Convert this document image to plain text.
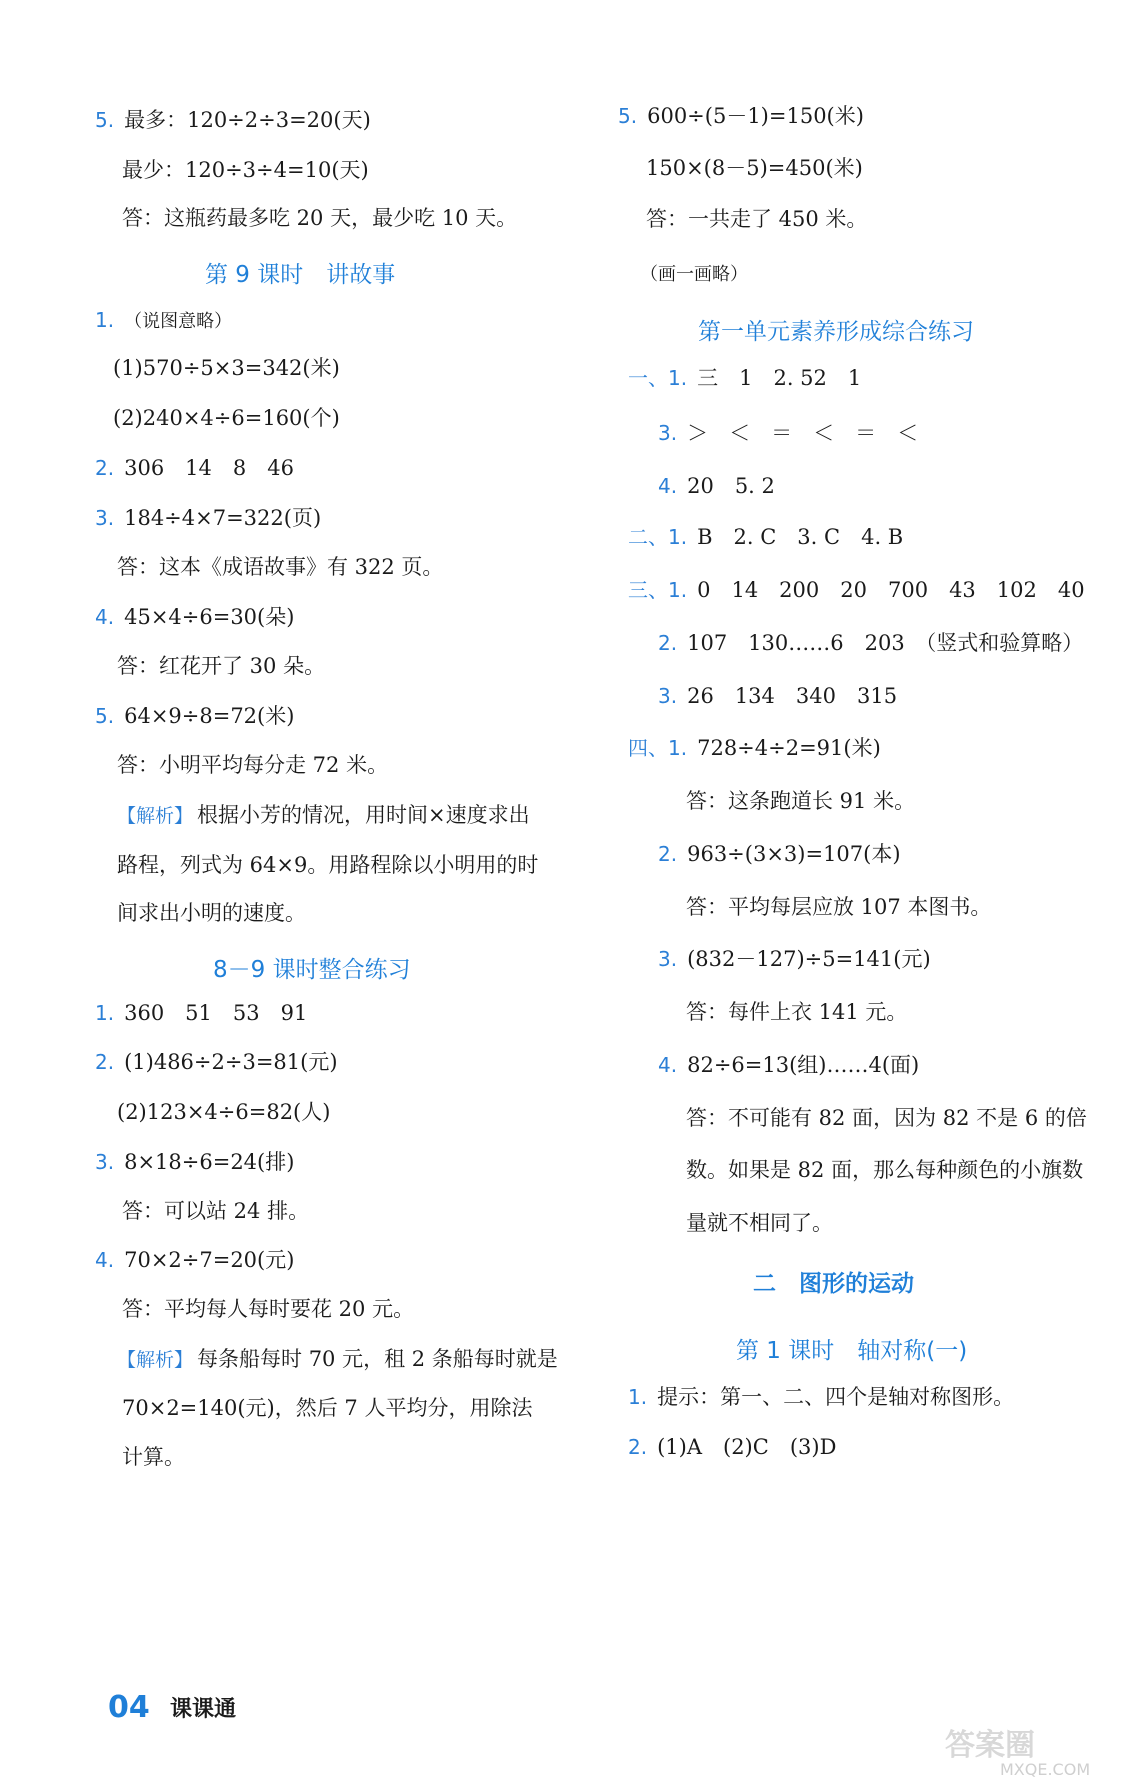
5. 最多：120÷2÷3=20(天)
最少：120÷3÷4=10(天)
答：这瓶药最多吃 20 天，最少吃 10 天。
第 9 课时　讲故事
1. （说图意略）
(1)570÷5×3=342(米)
(2)240×4÷6=160(个)
2. 306　14　8　46
3. 184÷4×7=322(页)
答：这本《成语故事》有 322 页。
4. 45×4÷6=30(朵)
答：红花开了 30 朵。
5. 64×9÷8=72(米)
答：小明平均每分走 72 米。
【解析】 根据小芳的情况，用时间×速度求出
路程，列式为 64×9。用路程除以小明用的时
间求出小明的速度。
8－9 课时整合练习
1. 360　51　53　91
2. (1)486÷2÷3=81(元)
(2)123×4÷6=82(人)
3. 8×18÷6=24(排)
答：可以站 24 排。
4. 70×2÷7=20(元)
答：平均每人每时要花 20 元。
【解析】 每条船每时 70 元，租 2 条船每时就是
70×2=140(元)，然后 7 人平均分，用除法
计算。
5. 600÷(5－1)=150(米)
150×(8－5)=450(米)
答：一共走了 450 米。
（画一画略）
第一单元素养形成综合练习
一、1. 三　1　2. 52　1
3. ＞　＜　＝　＜　＝　＜
4. 20　5. 2
二、1. B　2. C　3. C　4. B
三、1. 0　14　200　20　700　43　102　40
2. 107　130……6　203　（竖式和验算略）
3. 26　134　340　315
四、1. 728÷4÷2=91(米)
答：这条跑道长 91 米。
2. 963÷(3×3)=107(本)
答：平均每层应放 107 本图书。
3. (832－127)÷5=141(元)
答：每件上衣 141 元。
4. 82÷6=13(组)……4(面)
答：不可能有 82 面，因为 82 不是 6 的倍
数。如果是 82 面，那么每种颜色的小旗数
量就不相同了。
二　图形的运动
第 1 课时　轴对称(一)
1. 提示：第一、二、四个是轴对称图形。
2. (1)A　(2)C　(3)D
04 课课通
答案圈
MXQE.COM
